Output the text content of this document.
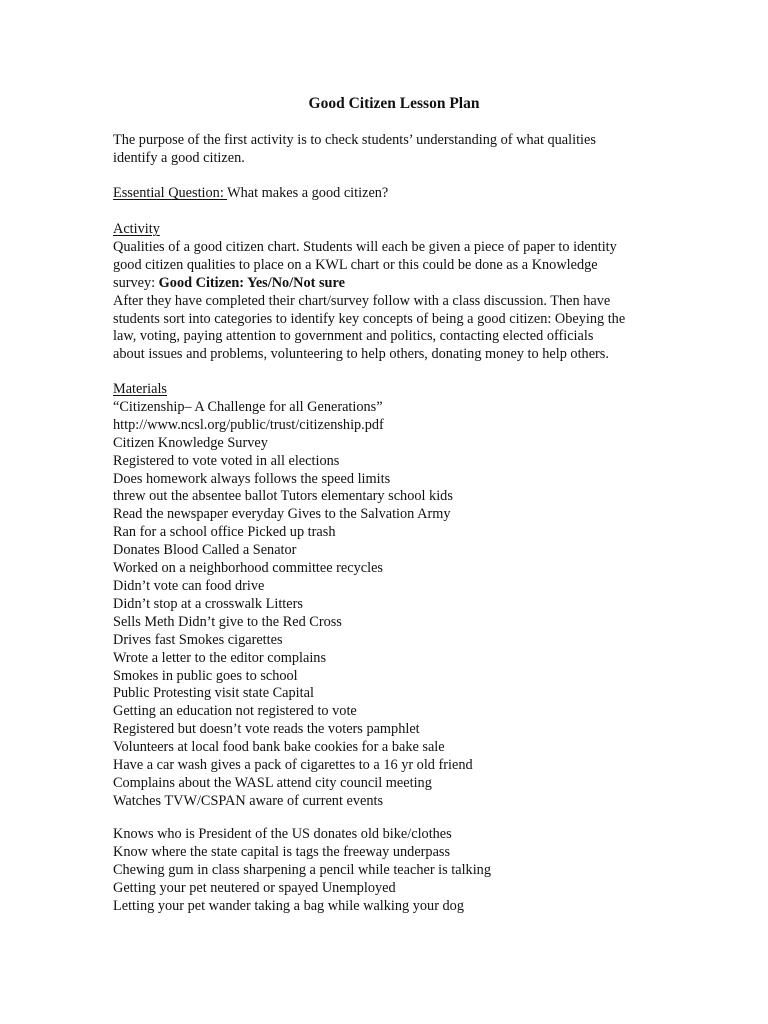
Good Citizen Lesson Plan
The purpose of the first activity is to check students’ understanding of what qualities
identify a good citizen.
Essential Question: What makes a good citizen?
Activity
Qualities of a good citizen chart. Students will each be given a piece of paper to identity
good citizen qualities to place on a KWL chart or this could be done as a Knowledge
survey: Good Citizen: Yes/No/Not sure
After they have completed their chart/survey follow with a class discussion. Then have
students sort into categories to identify key concepts of being a good citizen: Obeying the
law, voting, paying attention to government and politics, contacting elected officials
about issues and problems, volunteering to help others, donating money to help others.
Materials
“Citizenship– A Challenge for all Generations”
http://www.ncsl.org/public/trust/citizenship.pdf
Citizen Knowledge Survey
Registered to vote voted in all elections
Does homework always follows the speed limits
threw out the absentee ballot Tutors elementary school kids
Read the newspaper everyday Gives to the Salvation Army
Ran for a school office Picked up trash
Donates Blood Called a Senator
Worked on a neighborhood committee recycles
Didn’t vote can food drive
Didn’t stop at a crosswalk Litters
Sells Meth Didn’t give to the Red Cross
Drives fast Smokes cigarettes
Wrote a letter to the editor complains
Smokes in public goes to school
Public Protesting visit state Capital
Getting an education not registered to vote
Registered but doesn’t vote reads the voters pamphlet
Volunteers at local food bank bake cookies for a bake sale
Have a car wash gives a pack of cigarettes to a 16 yr old friend
Complains about the WASL attend city council meeting
Watches TVW/CSPAN aware of current events
Knows who is President of the US donates old bike/clothes
Know where the state capital is tags the freeway underpass
Chewing gum in class sharpening a pencil while teacher is talking
Getting your pet neutered or spayed Unemployed
Letting your pet wander taking a bag while walking your dog
